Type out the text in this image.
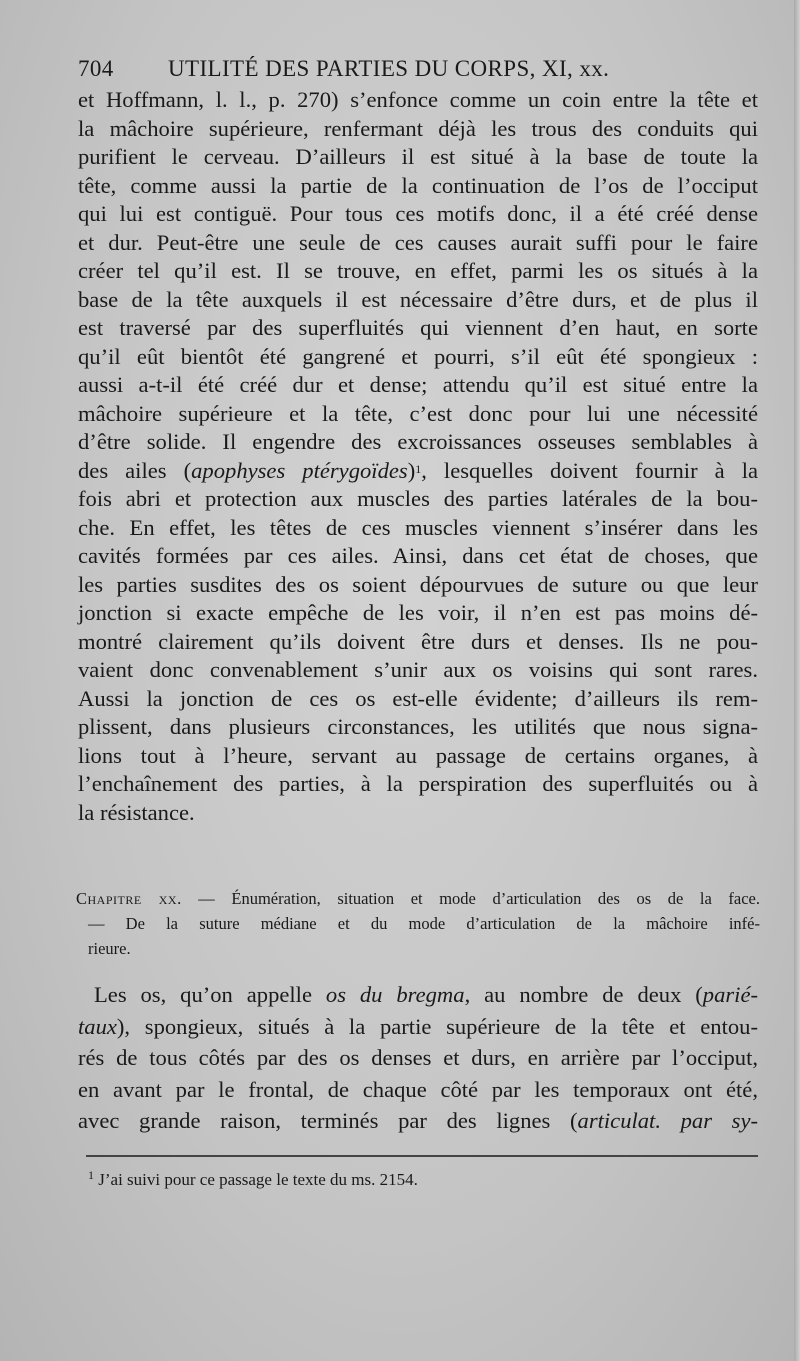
704	UTILITÉ DES PARTIES DU CORPS, XI, xx.
et Hoffmann, l. l., p. 270) s’enfonce comme un coin entre la tête et
la mâchoire supérieure, renfermant déjà les trous des conduits qui
purifient le cerveau. D’ailleurs il est situé à la base de toute la
tête, comme aussi la partie de la continuation de l’os de l’occiput
qui lui est contiguë. Pour tous ces motifs donc, il a été créé dense
et dur. Peut-être une seule de ces causes aurait suffi pour le faire
créer tel qu’il est. Il se trouve, en effet, parmi les os situés à la
base de la tête auxquels il est nécessaire d’être durs, et de plus il
est traversé par des superfluités qui viennent d’en haut, en sorte
qu’il eût bientôt été gangrené et pourri, s’il eût été spongieux :
aussi a-t-il été créé dur et dense; attendu qu’il est situé entre la
mâchoire supérieure et la tête, c’est donc pour lui une nécessité
d’être solide. Il engendre des excroissances osseuses semblables à
des ailes (apophyses ptérygoïdes)$^1$, lesquelles doivent fournir à la
fois abri et protection aux muscles des parties latérales de la bou-
che. En effet, les têtes de ces muscles viennent s’insérer dans les
cavités formées par ces ailes. Ainsi, dans cet état de choses, que
les parties susdites des os soient dépourvues de suture ou que leur
jonction si exacte empêche de les voir, il n’en est pas moins dé-
montré clairement qu’ils doivent être durs et denses. Ils ne pou-
vaient donc convenablement s’unir aux os voisins qui sont rares.
Aussi la jonction de ces os est-elle évidente; d’ailleurs ils rem-
plissent, dans plusieurs circonstances, les utilités que nous signa-
lions tout à l’heure, servant au passage de certains organes, à
l’enchaînement des parties, à la perspiration des superfluités ou à
la résistance.
Chapitre xx. — Énumération, situation et mode d’articulation des os de la face.
— De la suture médiane et du mode d’articulation de la mâchoire infé-
rieure.
Les os, qu’on appelle os du bregma, au nombre de deux (parié-
taux), spongieux, situés à la partie supérieure de la tête et entou-
rés de tous côtés par des os denses et durs, en arrière par l’occiput,
en avant par le frontal, de chaque côté par les temporaux ont été,
avec grande raison, terminés par des lignes (articulat. par sy-
$^1$ J’ai suivi pour ce passage le texte du ms. 2154.
